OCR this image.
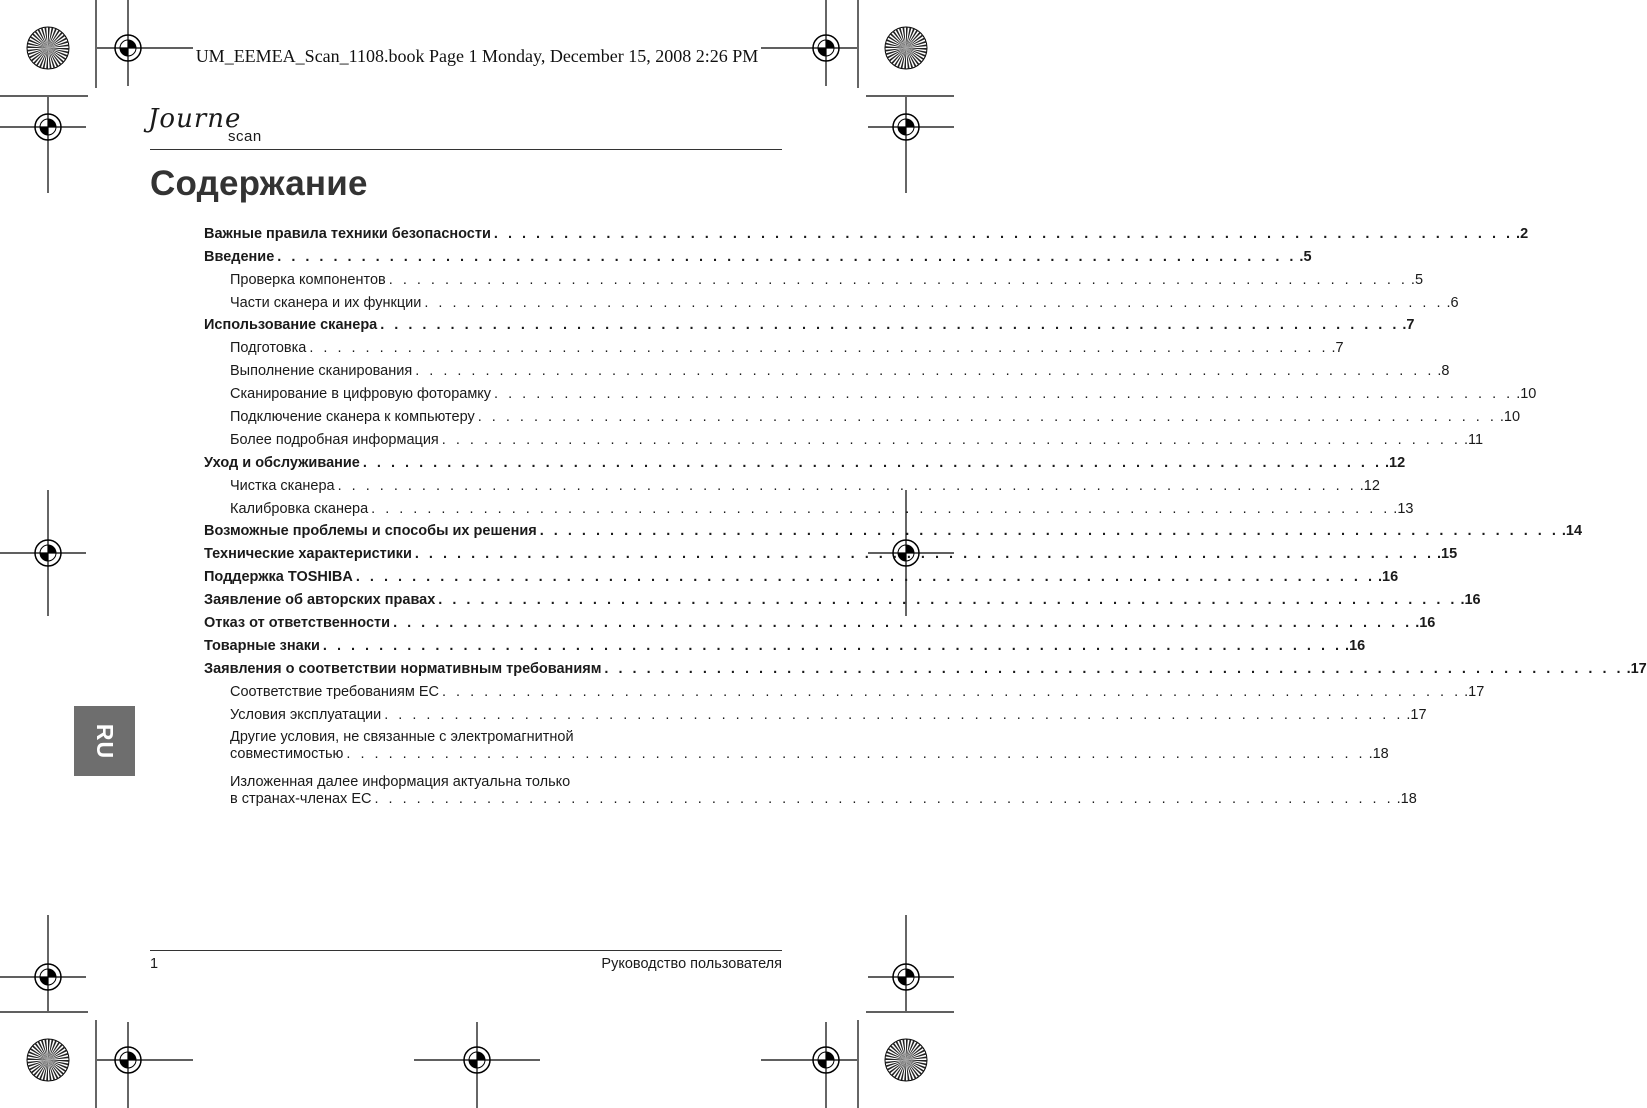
UM_EEMEA_Scan_1108.book Page 1 Monday, December 15, 2008 2:26 PM
Journe
scan
Содержание
Важные правила техники безопасности . . . . . . . . . . . . . . . . . . . . . . . . . . . . . . . . . . . . . . . . . . . . . . . . . . . . . . . . . . . . . . . . . . . . . . . . . .2
Введение . . . . . . . . . . . . . . . . . . . . . . . . . . . . . . . . . . . . . . . . . . . . . . . . . . . . . . . . . . . . . . . . . . . . . . . . . .5
Проверка компонентов . . . . . . . . . . . . . . . . . . . . . . . . . . . . . . . . . . . . . . . . . . . . . . . . . . . . . . . . . . . . . . . . . . . . . . . . . .5
Части сканера и их функции . . . . . . . . . . . . . . . . . . . . . . . . . . . . . . . . . . . . . . . . . . . . . . . . . . . . . . . . . . . . . . . . . . . . . . . . . .6
Использование сканера . . . . . . . . . . . . . . . . . . . . . . . . . . . . . . . . . . . . . . . . . . . . . . . . . . . . . . . . . . . . . . . . . . . . . . . . . .7
Подготовка . . . . . . . . . . . . . . . . . . . . . . . . . . . . . . . . . . . . . . . . . . . . . . . . . . . . . . . . . . . . . . . . . . . . . . . . . .7
Выполнение сканирования . . . . . . . . . . . . . . . . . . . . . . . . . . . . . . . . . . . . . . . . . . . . . . . . . . . . . . . . . . . . . . . . . . . . . . . . . .8
Сканирование в цифровую фоторамку . . . . . . . . . . . . . . . . . . . . . . . . . . . . . . . . . . . . . . . . . . . . . . . . . . . . . . . . . . . . . . . . . . . . . . . . . .10
Подключение сканера к компьютеру . . . . . . . . . . . . . . . . . . . . . . . . . . . . . . . . . . . . . . . . . . . . . . . . . . . . . . . . . . . . . . . . . . . . . . . . . .10
Более подробная информация . . . . . . . . . . . . . . . . . . . . . . . . . . . . . . . . . . . . . . . . . . . . . . . . . . . . . . . . . . . . . . . . . . . . . . . . . .11
Уход и обслуживание . . . . . . . . . . . . . . . . . . . . . . . . . . . . . . . . . . . . . . . . . . . . . . . . . . . . . . . . . . . . . . . . . . . . . . . . . .12
Чистка сканера . . . . . . . . . . . . . . . . . . . . . . . . . . . . . . . . . . . . . . . . . . . . . . . . . . . . . . . . . . . . . . . . . . . . . . . . . .12
Калибровка сканера . . . . . . . . . . . . . . . . . . . . . . . . . . . . . . . . . . . . . . . . . . . . . . . . . . . . . . . . . . . . . . . . . . . . . . . . . .13
Возможные проблемы и способы их решения . . . . . . . . . . . . . . . . . . . . . . . . . . . . . . . . . . . . . . . . . . . . . . . . . . . . . . . . . . . . . . . . . . . . . . . . . .14
Технические характеристики . . . . . . . . . . . . . . . . . . . . . . . . . . . . . . . . . . . . . . . . . . . . . . . . . . . . . . . . . . . . . . . . . . . . . . . . . .15
Поддержка TOSHIBA . . . . . . . . . . . . . . . . . . . . . . . . . . . . . . . . . . . . . . . . . . . . . . . . . . . . . . . . . . . . . . . . . . . . . . . . . .16
Заявление об авторских правах . . . . . . . . . . . . . . . . . . . . . . . . . . . . . . . . . . . . . . . . . . . . . . . . . . . . . . . . . . . . . . . . . . . . . . . . . .16
Отказ от ответственности . . . . . . . . . . . . . . . . . . . . . . . . . . . . . . . . . . . . . . . . . . . . . . . . . . . . . . . . . . . . . . . . . . . . . . . . . .16
Товарные знаки . . . . . . . . . . . . . . . . . . . . . . . . . . . . . . . . . . . . . . . . . . . . . . . . . . . . . . . . . . . . . . . . . . . . . . . . . .16
Заявления о соответствии нормативным требованиям . . . . . . . . . . . . . . . . . . . . . . . . . . . . . . . . . . . . . . . . . . . . . . . . . . . . . . . . . . . . . . . . . . . . . . . . . .17
Соответствие требованиям ЕС . . . . . . . . . . . . . . . . . . . . . . . . . . . . . . . . . . . . . . . . . . . . . . . . . . . . . . . . . . . . . . . . . . . . . . . . . .17
Условия эксплуатации . . . . . . . . . . . . . . . . . . . . . . . . . . . . . . . . . . . . . . . . . . . . . . . . . . . . . . . . . . . . . . . . . . . . . . . . . .17
Другие условия, не связанные с электромагнитной
совместимостью . . . . . . . . . . . . . . . . . . . . . . . . . . . . . . . . . . . . . . . . . . . . . . . . . . . . . . . . . . . . . . . . . . . . . . . . . .18
Изложенная далее информация актуальна только
в странах-членах ЕС . . . . . . . . . . . . . . . . . . . . . . . . . . . . . . . . . . . . . . . . . . . . . . . . . . . . . . . . . . . . . . . . . . . . . . . . . .18
RU
1	Руководство пользователя
